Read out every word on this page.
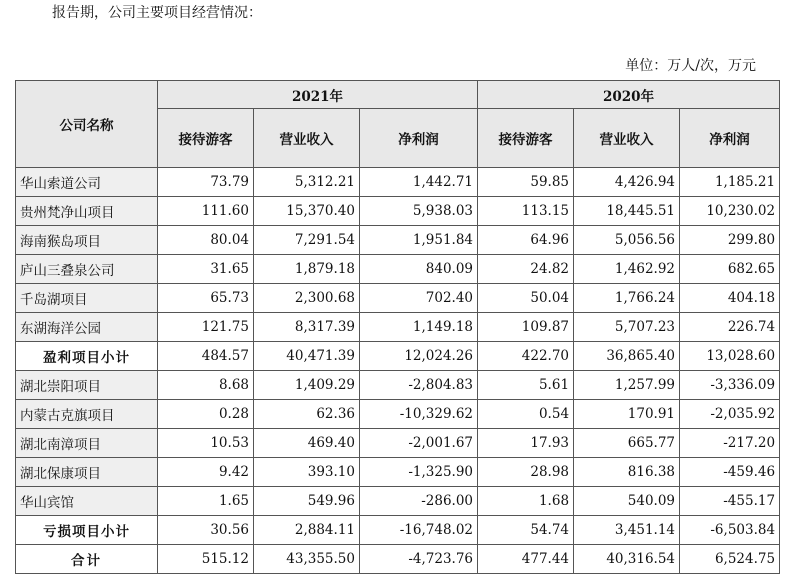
报告期，公司主要项目经营情况：
单位：万人/次，万元
公司名称	2021年			2020年		
	接待游客	营业收入	净利润	接待游客	营业收入	净利润
华山索道公司	73.79	5,312.21	1,442.71	59.85	4,426.94	1,185.21
贵州梵净山项目	111.60	15,370.40	5,938.03	113.15	18,445.51	10,230.02
海南猴岛项目	80.04	7,291.54	1,951.84	64.96	5,056.56	299.80
庐山三叠泉公司	31.65	1,879.18	840.09	24.82	1,462.92	682.65
千岛湖项目	65.73	2,300.68	702.40	50.04	1,766.24	404.18
东湖海洋公园	121.75	8,317.39	1,149.18	109.87	5,707.23	226.74
盈利项目小计	484.57	40,471.39	12,024.26	422.70	36,865.40	13,028.60
湖北崇阳项目	8.68	1,409.29	-2,804.83	5.61	1,257.99	-3,336.09
内蒙古克旗项目	0.28	62.36	-10,329.62	0.54	170.91	-2,035.92
湖北南漳项目	10.53	469.40	-2,001.67	17.93	665.77	-217.20
湖北保康项目	9.42	393.10	-1,325.90	28.98	816.38	-459.46
华山宾馆	1.65	549.96	-286.00	1.68	540.09	-455.17
亏损项目小计	30.56	2,884.11	-16,748.02	54.74	3,451.14	-6,503.84
合计	515.12	43,355.50	-4,723.76	477.44	40,316.54	6,524.75
